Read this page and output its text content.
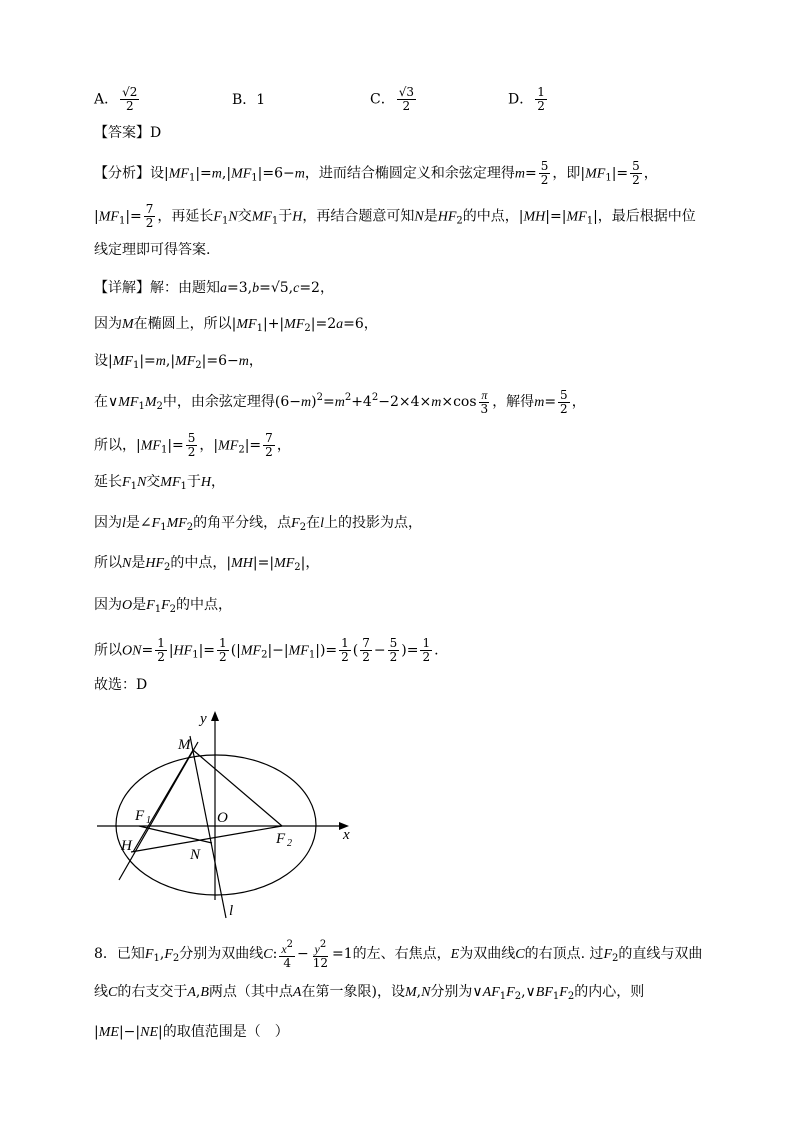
A． $\frac{√2}{2}$	B．1	C． $\frac{√3}{2}$	D． $\frac{1}{2}$
【答案】D
【分析】设$|MF_1|=m,|MF_1|=6-m$，进而结合椭圆定义和余弦定理得$m= \frac{5}{2}$ ，即$|MF_1|= \frac{5}{2}$ ，
$|MF_1|= \frac{7}{2}$ ，再延长$F_1N$交$MF_1$于H，再结合题意可知N是$HF_2$的中点，$|MH|=|MF_1|$，最后根据中位
线定理即可得答案.
【详解】解：由题知a=3,b=√5,c=2，
因为M在椭圆上，所以$|MF_1|+|MF_2|=2a=6$，
设$|MF_1|=m,|MF_2|=6-m$，
在$\vee MF_1M_2$中，由余弦定理得$(6-m)^2=m^2+4^2-2\times 4\times m\times\cos \frac{\pi}{3}$ ，解得$m= \frac{5}{2}$ ，
所以，$|MF_1|= \frac{5}{2}$ ，$|MF_2|= \frac{7}{2}$ ，
延长$F_1N$交$MF_1$于H，
因为l是$\angle F_1MF_2$的角平分线，点$F_2$在l上的投影为点，
所以N是$HF_2$的中点，$|MH|=|MF_2|$，
因为O是$F_1F_2$的中点，
所以$ON= \frac{1}{2} |HF_1|= \frac{1}{2} (|MF_2|-|MF_1|)= \frac{1}{2}$ ( $\frac{7}{2} - \frac{5}{2}$ )= $\frac{1}{2}$ .
故选：D
y
x
M
O
F 1
F 2
H
N
l
8．已知$F_1,F_2$分别为双曲线C: $\frac{x^2}{4} - \frac{y^2}{12} =1$的左、右焦点，E为双曲线C的右顶点. 过$F_2$的直线与双曲
线C的右支交于A,B两点（其中点A在第一象限)，设M,N分别为$\vee AF_1F_2,\vee BF_1F_2$的内心，则
|ME|−|NE|的取值范围是（　）
